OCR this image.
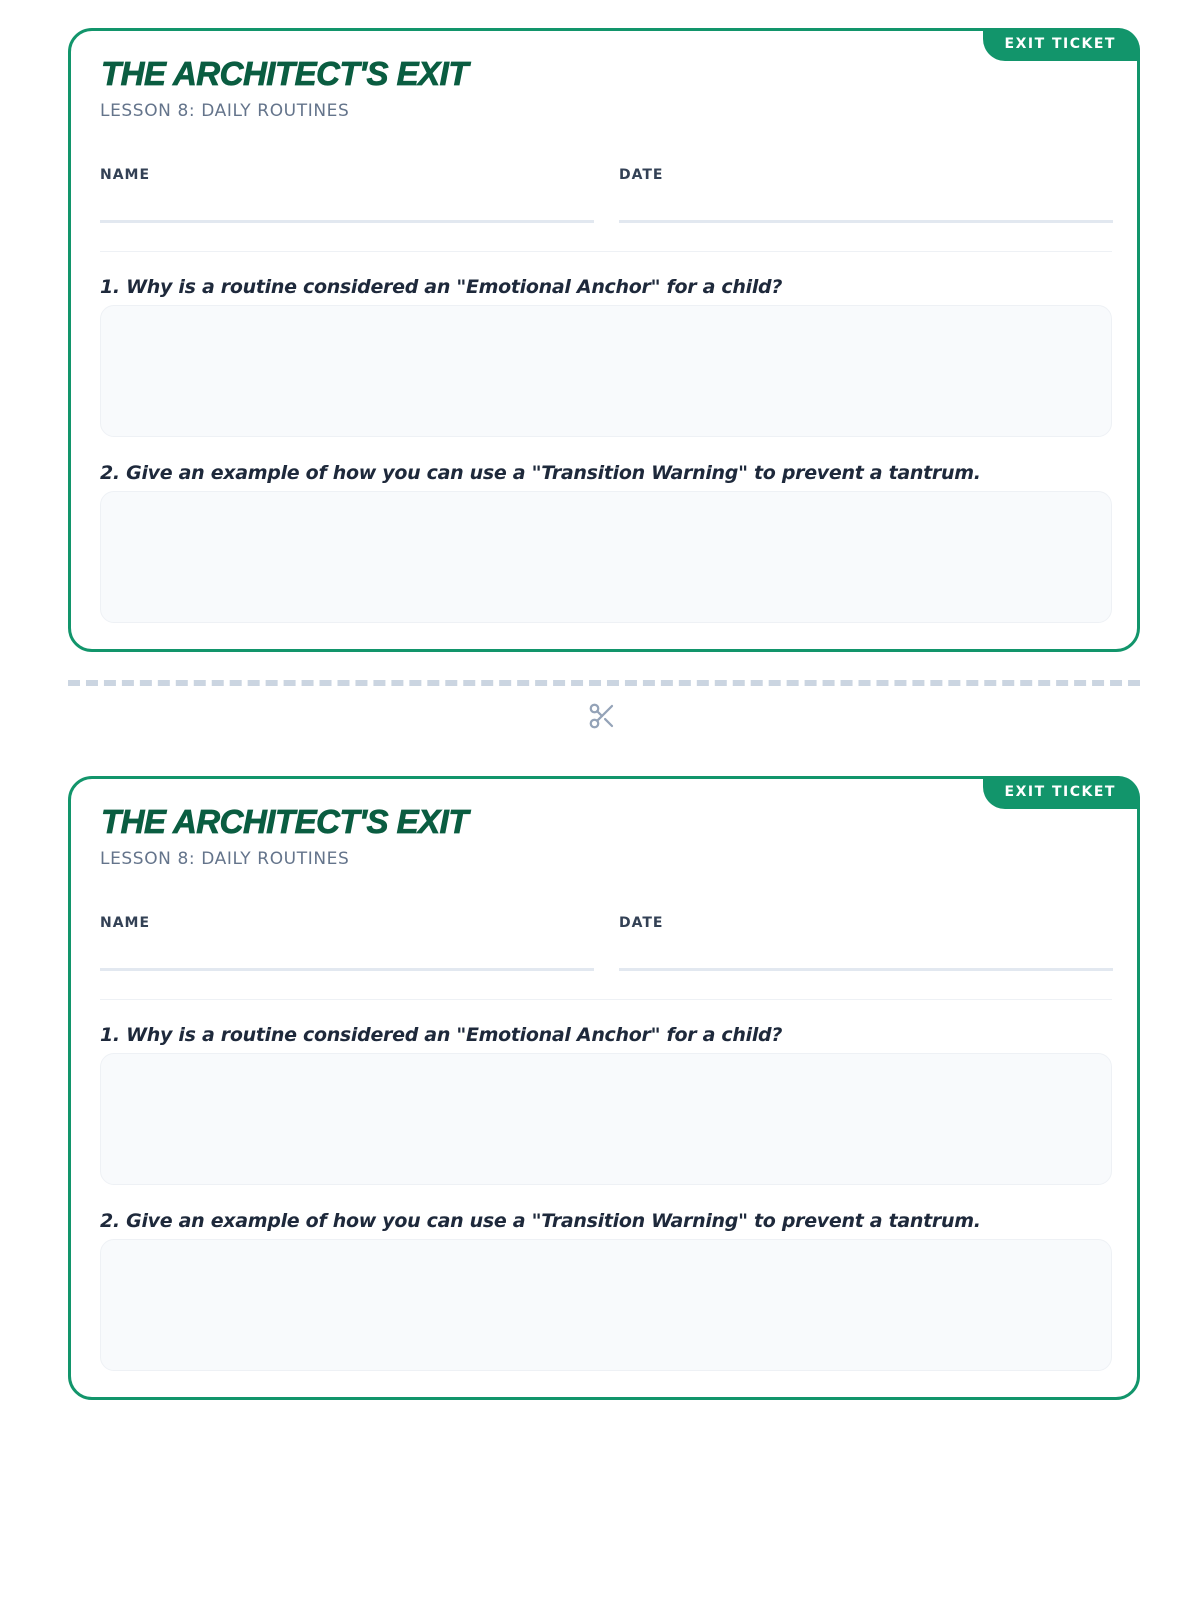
EXIT TICKET
THE ARCHITECT'S EXIT
LESSON 8: DAILY ROUTINES
NAME	DATE

1. Why is a routine considered an "Emotional Anchor" for a child?

2. Give an example of how you can use a "Transition Warning" to prevent a tantrum.

EXIT TICKET
THE ARCHITECT'S EXIT
LESSON 8: DAILY ROUTINES
NAME	DATE

1. Why is a routine considered an "Emotional Anchor" for a child?

2. Give an example of how you can use a "Transition Warning" to prevent a tantrum.
